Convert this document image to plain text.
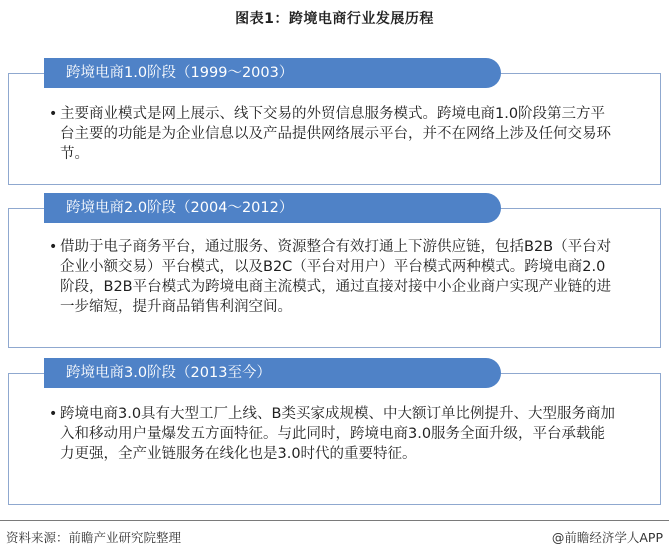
图表1：跨境电商行业发展历程
跨境电商1.0阶段（1999～2003）
• 主要商业模式是网上展示、线下交易的外贸信息服务模式。跨境电商1.0阶段第三方平台主要的功能是为企业信息以及产品提供网络展示平台，并不在网络上涉及任何交易环节。
跨境电商2.0阶段（2004～2012）
• 借助于电子商务平台，通过服务、资源整合有效打通上下游供应链，包括B2B（平台对企业小额交易）平台模式，以及B2C（平台对用户）平台模式两种模式。跨境电商2.0阶段，B2B平台模式为跨境电商主流模式，通过直接对接中小企业商户实现产业链的进一步缩短，提升商品销售利润空间。
跨境电商3.0阶段（2013至今）
• 跨境电商3.0具有大型工厂上线、B类买家成规模、中大额订单比例提升、大型服务商加入和移动用户量爆发五方面特征。与此同时，跨境电商3.0服务全面升级，平台承载能力更强，全产业链服务在线化也是3.0时代的重要特征。
资料来源：前瞻产业研究院整理	@前瞻经济学人APP
